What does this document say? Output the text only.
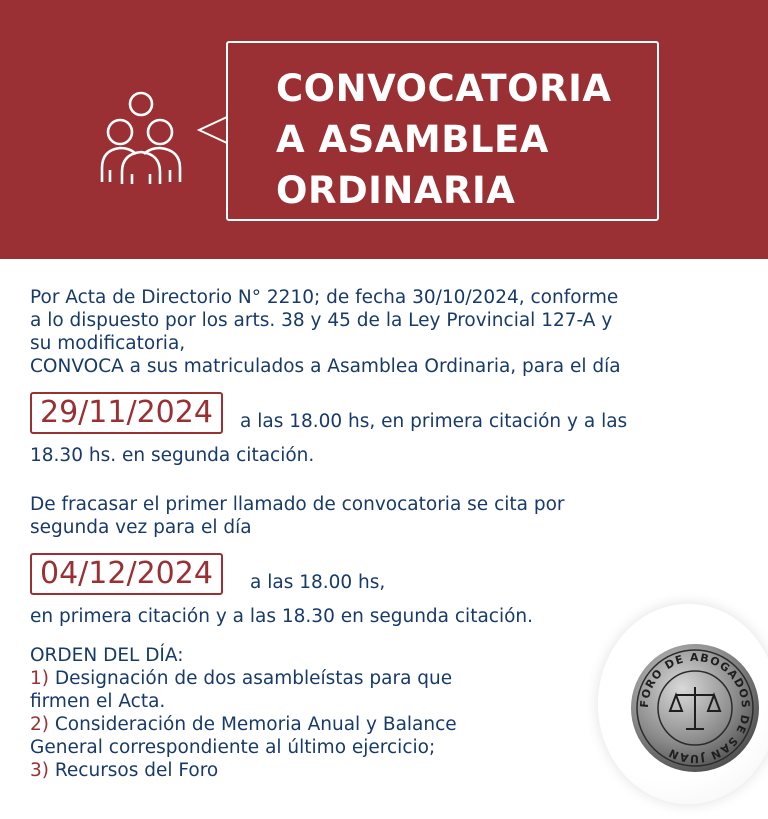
CONVOCATORIA
A ASAMBLEA
ORDINARIA

Por Acta de Directorio N° 2210; de fecha 30/10/2024, conforme
a lo dispuesto por los arts. 38 y 45 de la Ley Provincial 127-A y
su modificatoria,
CONVOCA a sus matriculados a Asamblea Ordinaria, para el día

29/11/2024	a las 18.00 hs, en primera citación y a las
18.30 hs. en segunda citación.

De fracasar el primer llamado de convocatoria se cita por
segunda vez para el día

04/12/2024	a las 18.00 hs,
en primera citación y a las 18.30 en segunda citación.
ORDEN DEL DÍA:
1) Designación de dos asambleístas para que
firmen el Acta.
2) Consideración de Memoria Anual y Balance
General correspondiente al último ejercicio;
3) Recursos del Foro
FORO DE ABOGADOS DE SAN JUAN
